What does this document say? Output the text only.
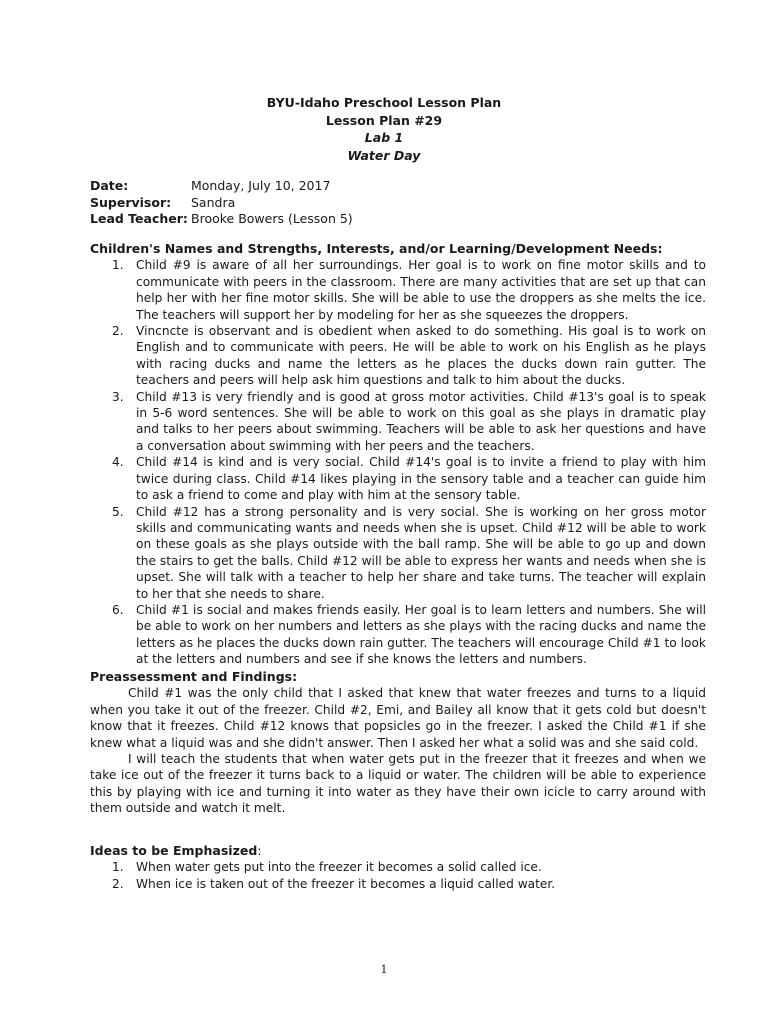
BYU-Idaho Preschool Lesson Plan
Lesson Plan #29
Lab 1
Water Day
Date:	Monday, July 10, 2017
Supervisor:	Sandra
Lead Teacher: Brooke Bowers (Lesson 5)
Children's Names and Strengths, Interests, and/or Learning/Development Needs:
1.	Child #9 is aware of all her surroundings. Her goal is to work on fine motor skills and to communicate with peers in the classroom. There are many activities that are set up that can help her with her fine motor skills. She will be able to use the droppers as she melts the ice. The teachers will support her by modeling for her as she squeezes the droppers.
2.	Vincncte is observant and is obedient when asked to do something. His goal is to work on English and to communicate with peers. He will be able to work on his English as he plays with racing ducks and name the letters as he places the ducks down rain gutter. The teachers and peers will help ask him questions and talk to him about the ducks.
3.	Child #13 is very friendly and is good at gross motor activities. Child #13's goal is to speak in 5-6 word sentences. She will be able to work on this goal as she plays in dramatic play and talks to her peers about swimming. Teachers will be able to ask her questions and have a conversation about swimming with her peers and the teachers.
4.	Child #14 is kind and is very social. Child #14's goal is to invite a friend to play with him twice during class. Child #14 likes playing in the sensory table and a teacher can guide him to ask a friend to come and play with him at the sensory table.
5.	Child #12 has a strong personality and is very social. She is working on her gross motor skills and communicating wants and needs when she is upset. Child #12 will be able to work on these goals as she plays outside with the ball ramp. She will be able to go up and down the stairs to get the balls. Child #12 will be able to express her wants and needs when she is upset. She will talk with a teacher to help her share and take turns. The teacher will explain to her that she needs to share.
6.	Child #1 is social and makes friends easily. Her goal is to learn letters and numbers. She will be able to work on her numbers and letters as she plays with the racing ducks and name the letters as he places the ducks down rain gutter. The teachers will encourage Child #1 to look at the letters and numbers and see if she knows the letters and numbers.
Preassessment and Findings:

Child #1 was the only child that I asked that knew that water freezes and turns to a liquid when you take it out of the freezer. Child #2, Emi, and Bailey all know that it gets cold but doesn't know that it freezes. Child #12 knows that popsicles go in the freezer. I asked the Child #1 if she knew what a liquid was and she didn't answer. Then I asked her what a solid was and she said cold.

I will teach the students that when water gets put in the freezer that it freezes and when we take ice out of the freezer it turns back to a liquid or water. The children will be able to experience this by playing with ice and turning it into water as they have their own icicle to carry around with them outside and watch it melt.

Ideas to be Emphasized:
1.	When water gets put into the freezer it becomes a solid called ice.
2.	When ice is taken out of the freezer it becomes a liquid called water.
1
